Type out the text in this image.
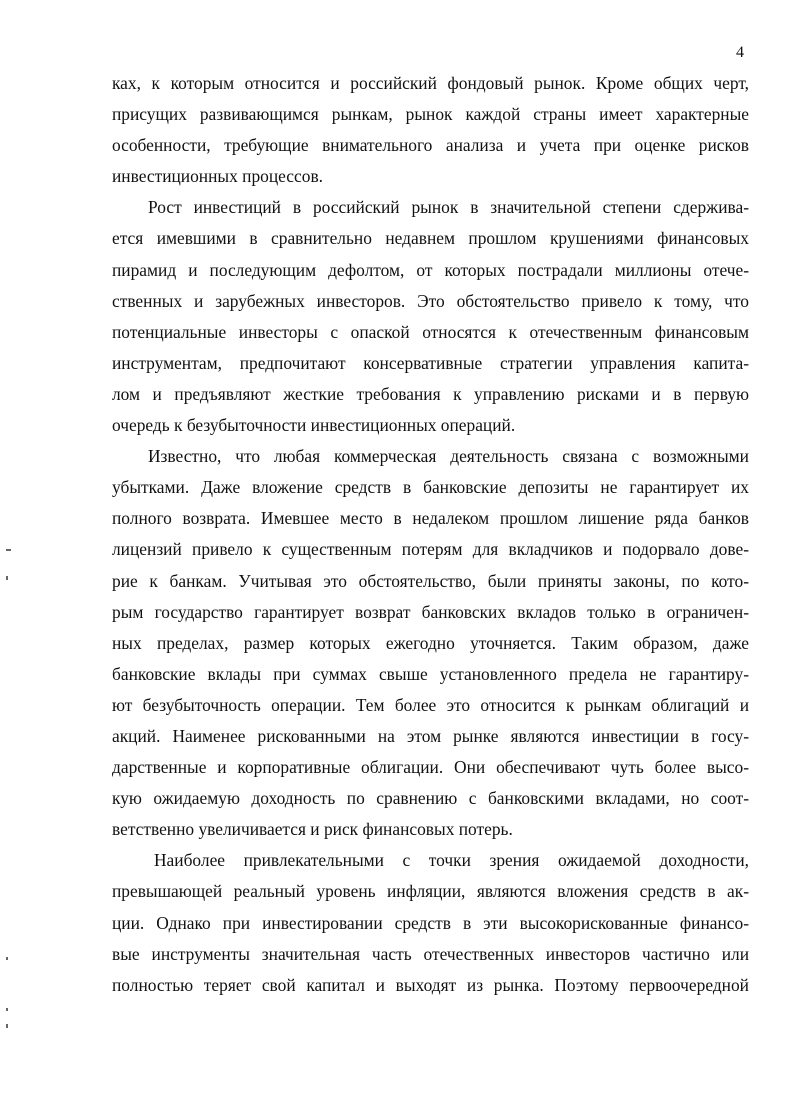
4
ках, к которым относится и российский фондовый рынок. Кроме общих черт,
присущих развивающимся рынкам, рынок каждой страны имеет характерные
особенности, требующие внимательного анализа и учета при оценке рисков
инвестиционных процессов.
Рост инвестиций в российский рынок в значительной степени сдержива-
ется имевшими в сравнительно недавнем прошлом крушениями финансовых
пирамид и последующим дефолтом, от которых пострадали миллионы отече-
ственных и зарубежных инвесторов. Это обстоятельство привело к тому, что
потенциальные инвесторы с опаской относятся к отечественным финансовым
инструментам, предпочитают консервативные стратегии управления капита-
лом и предъявляют жесткие требования к управлению рисками и в первую
очередь к безубыточности инвестиционных операций.
Известно, что любая коммерческая деятельность связана с возможными
убытками. Даже вложение средств в банковские депозиты не гарантирует их
полного возврата. Имевшее место в недалеком прошлом лишение ряда банков
лицензий привело к существенным потерям для вкладчиков и подорвало дове-
рие к банкам. Учитывая это обстоятельство, были приняты законы, по кото-
рым государство гарантирует возврат банковских вкладов только в ограничен-
ных пределах, размер которых ежегодно уточняется. Таким образом, даже
банковские вклады при суммах свыше установленного предела не гарантиру-
ют безубыточность операции. Тем более это относится к рынкам облигаций и
акций. Наименее рискованными на этом рынке являются инвестиции в госу-
дарственные и корпоративные облигации. Они обеспечивают чуть более высо-
кую ожидаемую доходность по сравнению с банковскими вкладами, но соот-
ветственно увеличивается и риск финансовых потерь.
Наиболее привлекательными с точки зрения ожидаемой доходности,
превышающей реальный уровень инфляции, являются вложения средств в ак-
ции. Однако при инвестировании средств в эти высокорискованные финансо-
вые инструменты значительная часть отечественных инвесторов частично или
полностью теряет свой капитал и выходят из рынка. Поэтому первоочередной
